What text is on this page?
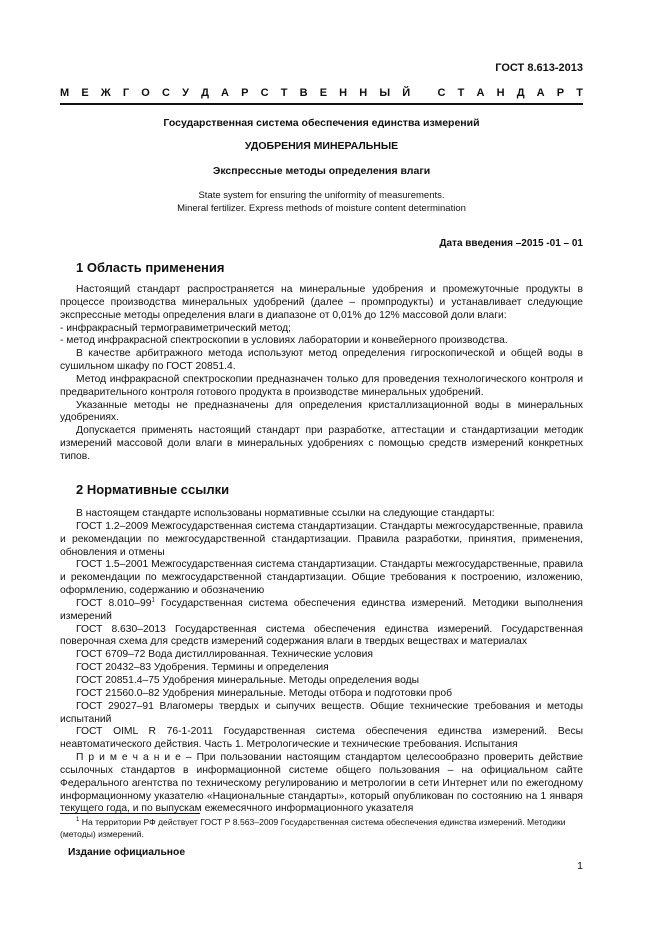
ГОСТ 8.613-2013
М Е Ж Г О С У Д А Р С Т В Е Н Н Ы Й
С Т А Н Д А Р Т
Государственная система обеспечения единства измерений
УДОБРЕНИЯ МИНЕРАЛЬНЫЕ
Экспрессные методы определения влаги
State system for ensuring the uniformity of measurements.
Mineral fertilizer. Express methods of moisture content determination
Дата введения –2015 -01 – 01
1 Область применения

Настоящий стандарт распространяется на минеральные удобрения и промежуточные продукты в процессе производства минеральных удобрений (далее – промпродукты) и устанавливает следующие экспрессные методы определения влаги в диапазоне от 0,01% до 12% массовой доли влаги:

- инфракрасный термогравиметрический метод;

- метод инфракрасной спектроскопии в условиях лаборатории и конвейерного производства.

В качестве арбитражного метода используют метод определения гигроскопической и общей воды в сушильном шкафу по ГОСТ 20851.4.

Метод инфракрасной спектроскопии предназначен только для проведения технологического контроля и предварительного контроля готового продукта в производстве минеральных удобрений.

Указанные методы не предназначены для определения кристаллизационной воды в минеральных удобрениях.

Допускается применять настоящий стандарт при разработке, аттестации и стандартизации методик измерений массовой доли влаги в минеральных удобрениях с помощью средств измерений конкретных типов.

2 Нормативные ссылки

В настоящем стандарте использованы нормативные ссылки на следующие стандарты:

ГОСТ 1.2–2009 Межгосударственная система стандартизации. Стандарты межгосударственные, правила и рекомендации по межгосударственной стандартизации. Правила разработки, принятия, применения, обновления и отмены

ГОСТ 1.5–2001 Межгосударственная система стандартизации. Стандарты межгосударственные, правила и рекомендации по межгосударственной стандартизации. Общие требования к построению, изложению, оформлению, содержанию и обозначению

ГОСТ $8.010-99^1$ Государственная система обеспечения единства измерений. Методики выполнения измерений

ГОСТ 8.630–2013 Государственная система обеспечения единства измерений. Государственная поверочная схема для средств измерений содержания влаги в твердых веществах и материалах

ГОСТ 6709–72 Вода дистиллированная. Технические условия

ГОСТ 20432–83 Удобрения. Термины и определения

ГОСТ 20851.4–75 Удобрения минеральные. Методы определения воды

ГОСТ 21560.0–82 Удобрения минеральные. Методы отбора и подготовки проб

ГОСТ 29027–91 Влагомеры твердых и сыпучих веществ. Общие технические требования и методы испытаний

ГОСТ OIML R 76-1-2011 Государственная система обеспечения единства измерений. Весы неавтоматического действия. Часть 1. Метрологические и технические требования. Испытания

П р и м е ч а н и е – При пользовании настоящим стандартом целесообразно проверить действие ссылочных стандартов в информационной системе общего пользования – на официальном сайте Федерального агентства по техническому регулированию и метрологии в сети Интернет или по ежегодному информационному указателю «Национальные стандарты», который опубликован по состоянию на 1 января текущего года, и по выпускам ежемесячного информационного указателя

$^1$ На территории РФ действует ГОСТ Р 8.563–2009 Государственная система обеспечения единства измерений. Методики (методы) измерений.

Издание официальное
1
